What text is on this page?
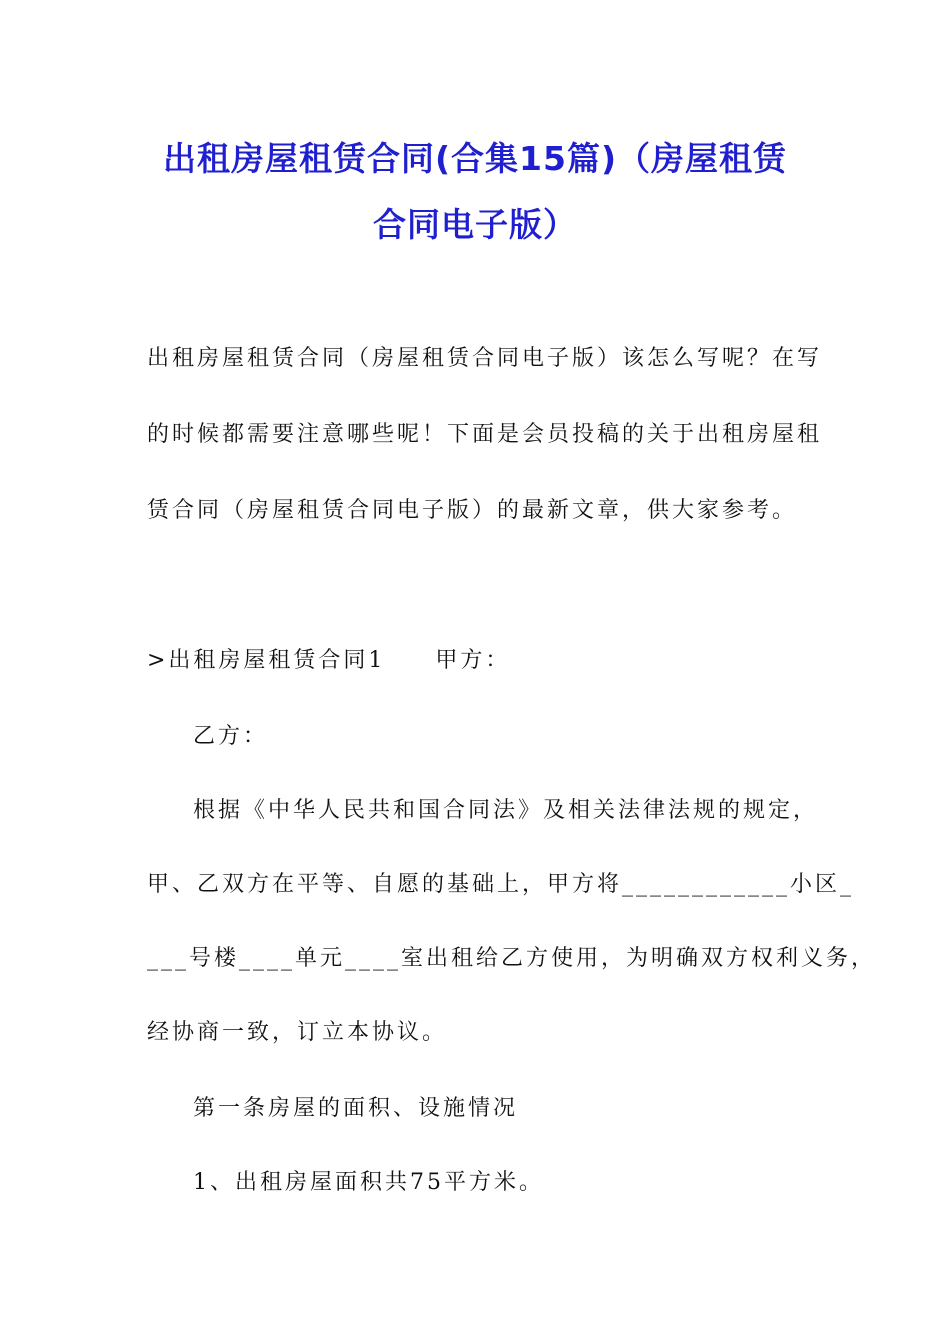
出租房屋租赁合同(合集15篇)（房屋租赁
合同电子版）
出租房屋租赁合同（房屋租赁合同电子版）该怎么写呢？在写
的时候都需要注意哪些呢！下面是会员投稿的关于出租房屋租
赁合同（房屋租赁合同电子版）的最新文章，供大家参考。
>出租房屋租赁合同1　　甲方：
乙方：
根据《中华人民共和国合同法》及相关法律法规的规定，
甲、乙双方在平等、自愿的基础上，甲方将____________小区_
___号楼____单元____室出租给乙方使用，为明确双方权利义务，
经协商一致，订立本协议。
第一条房屋的面积、设施情况
1、出租房屋面积共75平方米。
